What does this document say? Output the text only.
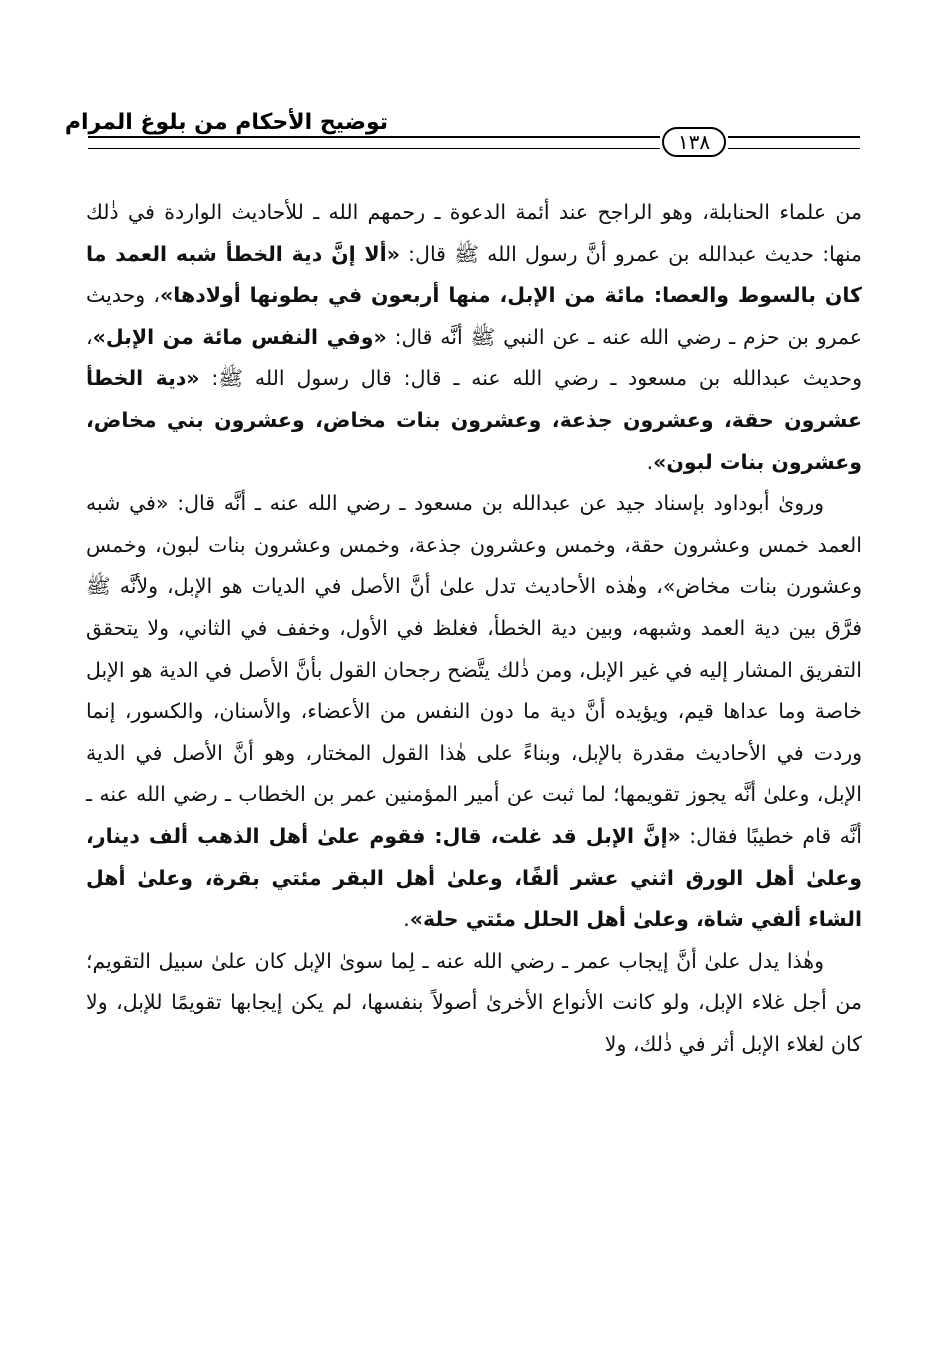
توضيح الأحكام من بلوغ المرام
١٣٨

من علماء الحنابلة، وهو الراجح عند أئمة الدعوة ـ رحمهم الله ـ للأحاديث الواردة في ذٰلك منها: حديث عبدالله بن عمرو أنَّ رسول الله ﷺ قال: «ألا إنَّ دية الخطأ شبه العمد ما كان بالسوط والعصا: مائة من الإبل، منها أربعون في بطونها أولادها»، وحديث عمرو بن حزم ـ رضي الله عنه ـ عن النبي ﷺ أنَّه قال: «وفي النفس مائة من الإبل»، وحديث عبدالله بن مسعود ـ رضي الله عنه ـ قال: قال رسول الله ﷺ: «دية الخطأ عشرون حقة، وعشرون جذعة، وعشرون بنات مخاض، وعشرون بني مخاض، وعشرون بنات لبون».

ورویٰ أبوداود بإسناد جيد عن عبدالله بن مسعود ـ رضي الله عنه ـ أنَّه قال: «في شبه العمد خمس وعشرون حقة، وخمس وعشرون جذعة، وخمس وعشرون بنات لبون، وخمس وعشورن بنات مخاض»، وهٰذه الأحاديث تدل علىٰ أنَّ الأصل في الديات هو الإبل، ولأنَّه ﷺ فرَّق بين دية العمد وشبهه، وبين دية الخطأ، فغلظ في الأول، وخفف في الثاني، ولا يتحقق التفريق المشار إليه في غير الإبل، ومن ذٰلك يتَّضح رجحان القول بأنَّ الأصل في الدية هو الإبل خاصة وما عداها قيم، ويؤيده أنَّ دية ما دون النفس من الأعضاء، والأسنان، والكسور، إنما وردت في الأحاديث مقدرة بالإبل، وبناءً على هٰذا القول المختار، وهو أنَّ الأصل في الدية الإبل، وعلىٰ أنَّه يجوز تقويمها؛ لما ثبت عن أمير المؤمنين عمر بن الخطاب ـ رضي الله عنه ـ أنَّه قام خطيبًا فقال: «إنَّ الإبل قد غلت، قال: فقوم علىٰ أهل الذهب ألف دينار، وعلىٰ أهل الورق اثني عشر ألفًا، وعلىٰ أهل البقر مئتي بقرة، وعلىٰ أهل الشاء ألفي شاة، وعلىٰ أهل الحلل مئتي حلة».

وهٰذا يدل علىٰ أنَّ إيجاب عمر ـ رضي الله عنه ـ لِما سوىٰ الإبل كان علىٰ سبيل التقويم؛ من أجل غلاء الإبل، ولو كانت الأنواع الأخرىٰ أصولاً بنفسها، لم يكن إيجابها تقويمًا للإبل، ولا كان لغلاء الإبل أثر في ذٰلك، ولا
